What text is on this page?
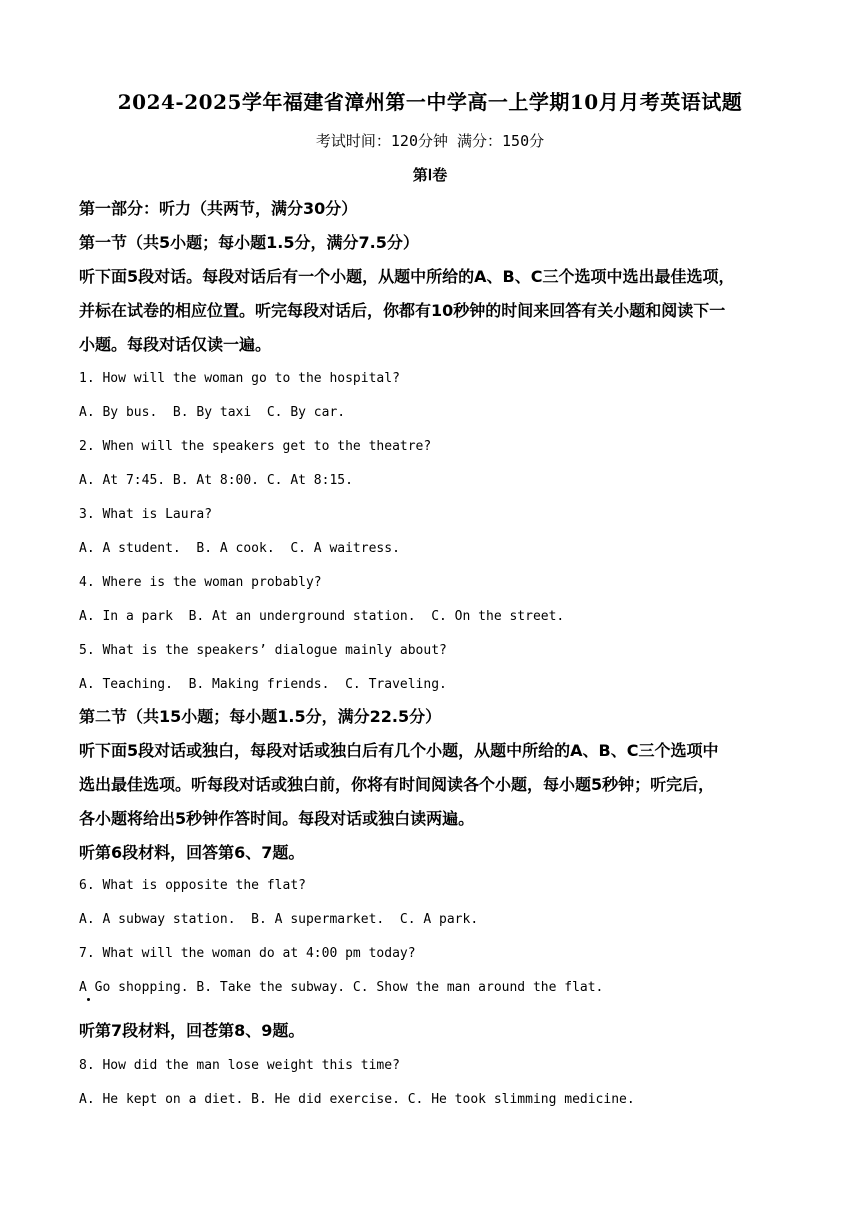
2024-2025学年福建省漳州第一中学高一上学期10月月考英语试题
考试时间：120分钟 满分：150分
第Ⅰ卷
第一部分：听力（共两节，满分30分）
第一节（共5小题；每小题1.5分，满分7.5分）
听下面5段对话。每段对话后有一个小题，从题中所给的A、B、C三个选项中选出最佳选项，
并标在试卷的相应位置。听完每段对话后，你都有10秒钟的时间来回答有关小题和阅读下一
小题。每段对话仅读一遍。
1. How will the woman go to the hospital?
A. By bus.  B. By taxi  C. By car.
2. When will the speakers get to the theatre?
A. At 7:45. B. At 8:00. C. At 8:15.
3. What is Laura?
A. A student.  B. A cook.  C. A waitress.
4. Where is the woman probably?
A. In a park  B. At an underground station.  C. On the street.
5. What is the speakers’ dialogue mainly about?
A. Teaching.  B. Making friends.  C. Traveling.
第二节（共15小题；每小题1.5分，满分22.5分）
听下面5段对话或独白，每段对话或独白后有几个小题，从题中所给的A、B、C三个选项中
选出最佳选项。听每段对话或独白前，你将有时间阅读各个小题，每小题5秒钟；听完后，
各小题将给出5秒钟作答时间。每段对话或独白读两遍。
听第6段材料，回答第6、7题。
6. What is opposite the flat?
A. A subway station.  B. A supermarket.  C. A park.
7. What will the woman do at 4:00 pm today?
A Go shopping. B. Take the subway. C. Show the man around the flat.
听第7段材料，回苍第8、9题。
8. How did the man lose weight this time?
A. He kept on a diet. B. He did exercise. C. He took slimming medicine.
